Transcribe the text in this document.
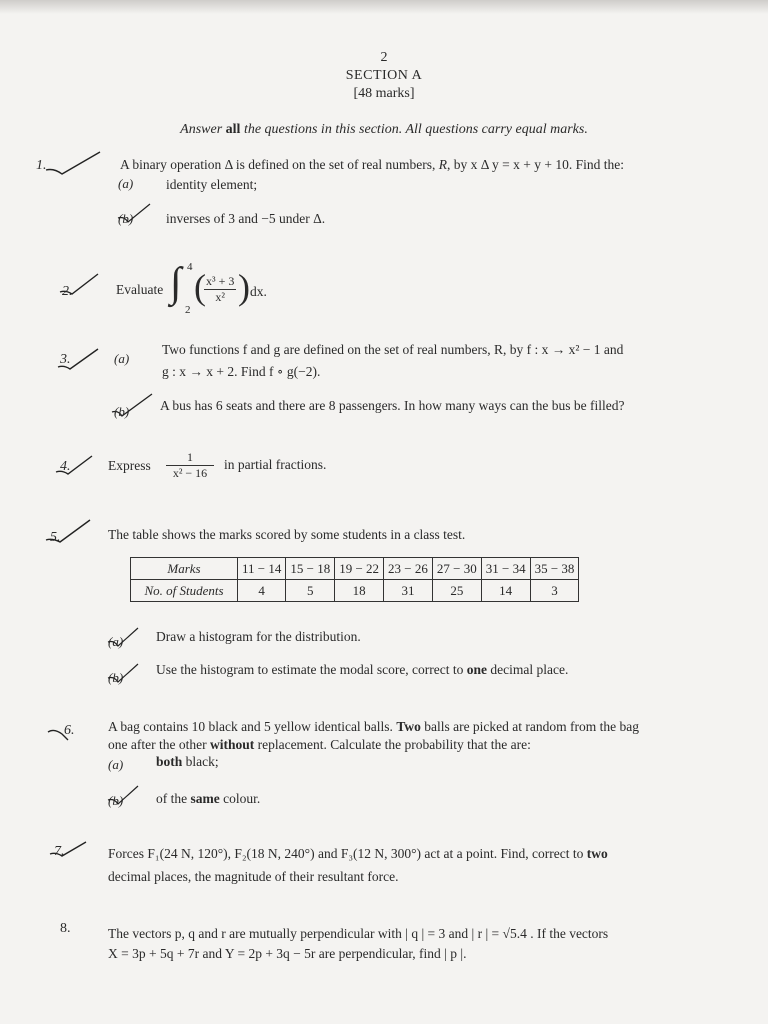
2
SECTION A
[48 marks]
Answer all the questions in this section. All questions carry equal marks.
A binary operation Δ is defined on the set of real numbers, R, by x Δ y = x + y + 10. Find the:
(a) identity element;
(b) inverses of 3 and −5 under Δ.
Evaluate ∫ 4
2
(
$\frac{\text{x³ + 3}}{\text{x²}}$ ) dx.
(a)
Two functions f and g are defined on the set of real numbers, R, by f : x → x² − 1 and
g : x → x + 2. Find f ∘ g(−2).
(b) A bus has 6 seats and there are 8 passengers. In how many ways can the bus be filled?
Express $\frac{1}{\text{x² − 16}}$ in partial fractions.
The table shows the marks scored by some students in a class test.
Marks	11 − 14	15 − 18	19 − 22	23 − 26	27 − 30	31 − 34	35 − 38
No. of Students	4	5	18	31	25	14	3
(a) Draw a histogram for the distribution.
(b)
Use the histogram to estimate the modal score, correct to one decimal place.
6. A bag contains 10 black and 5 yellow identical balls. Two balls are picked at random from the bag
one after the other without replacement. Calculate the probability that the are:
(a) both black;
(b) of the same colour.
Forces F₁(24 N, 120°), F₂(18 N, 240°) and F₃(12 N, 300°) act at a point. Find, correct to two
decimal places, the magnitude of their resultant force.
8.	The vectors p, q and r are mutually perpendicular with | q | = 3 and | r | = √5.4 . If the vectors
X = 3p + 5q + 7r and Y = 2p + 3q − 5r are perpendicular, find | p |.
1.
2.
3.
4.
5.
7.
